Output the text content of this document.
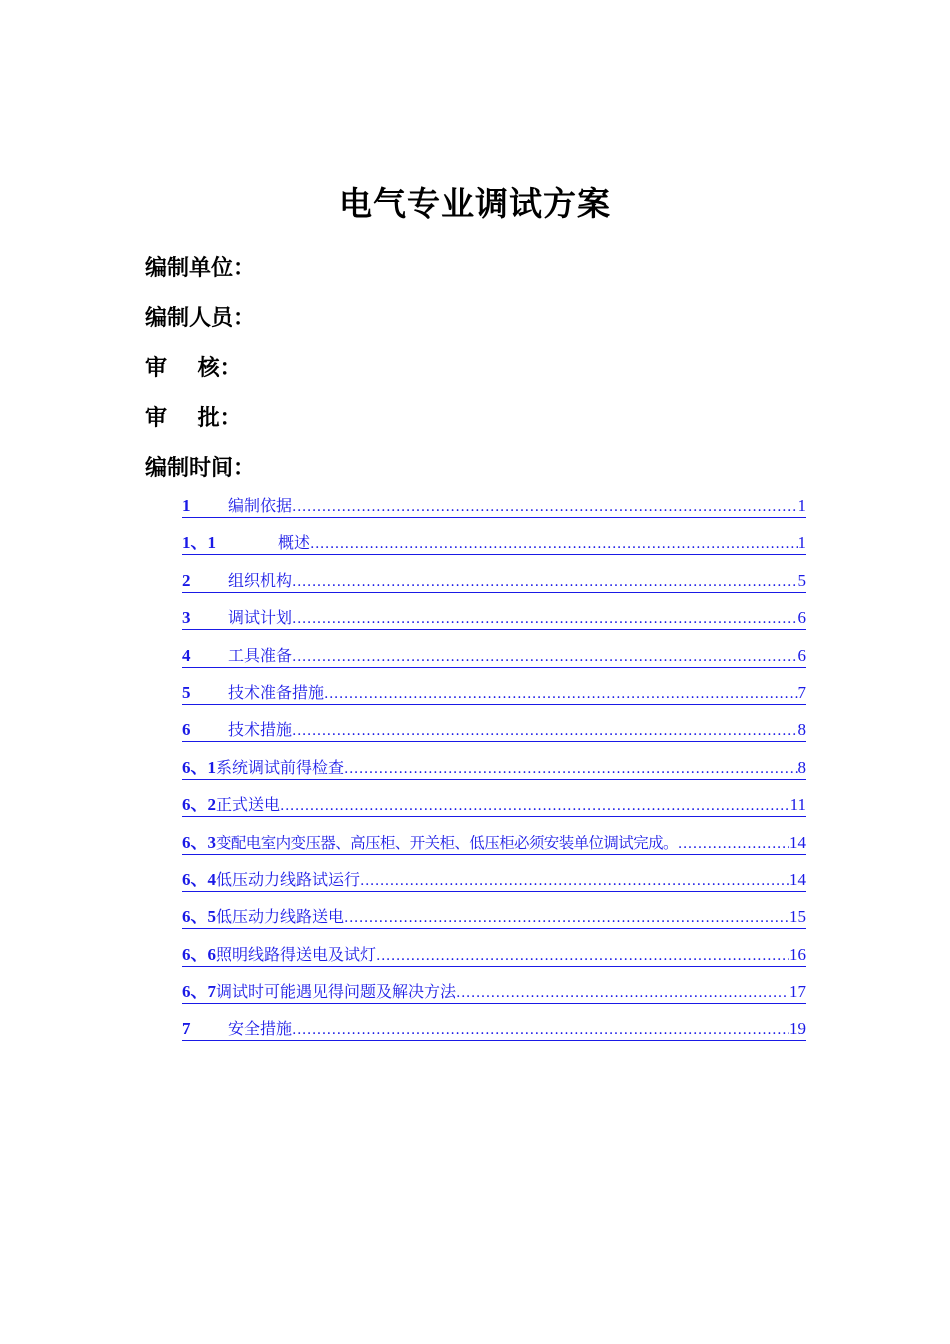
电气专业调试方案
编制单位：
编制人员：
审    核：
审    批：
编制时间：
1	编制依据 .....	1
1、1	概述 .....	1
2	组织机构 .....	5
3	调试计划 .....	6
4	工具准备 .....	6
5	技术准备措施 .....	7
6	技术措施 .....	8
6、1 系统调试前得检查 .....	8
6、2 正式送电 .....	11
6、3 变配电室内变压器、高压柜、开关柜、低压柜必须安装单位调试完成。 .....	14
6、4 低压动力线路试运行 .....	14
6、5 低压动力线路送电 .....	15
6、6 照明线路得送电及试灯 .....	16
6、7 调试时可能遇见得问题及解决方法 .....	17
7	安全措施 .....	19
